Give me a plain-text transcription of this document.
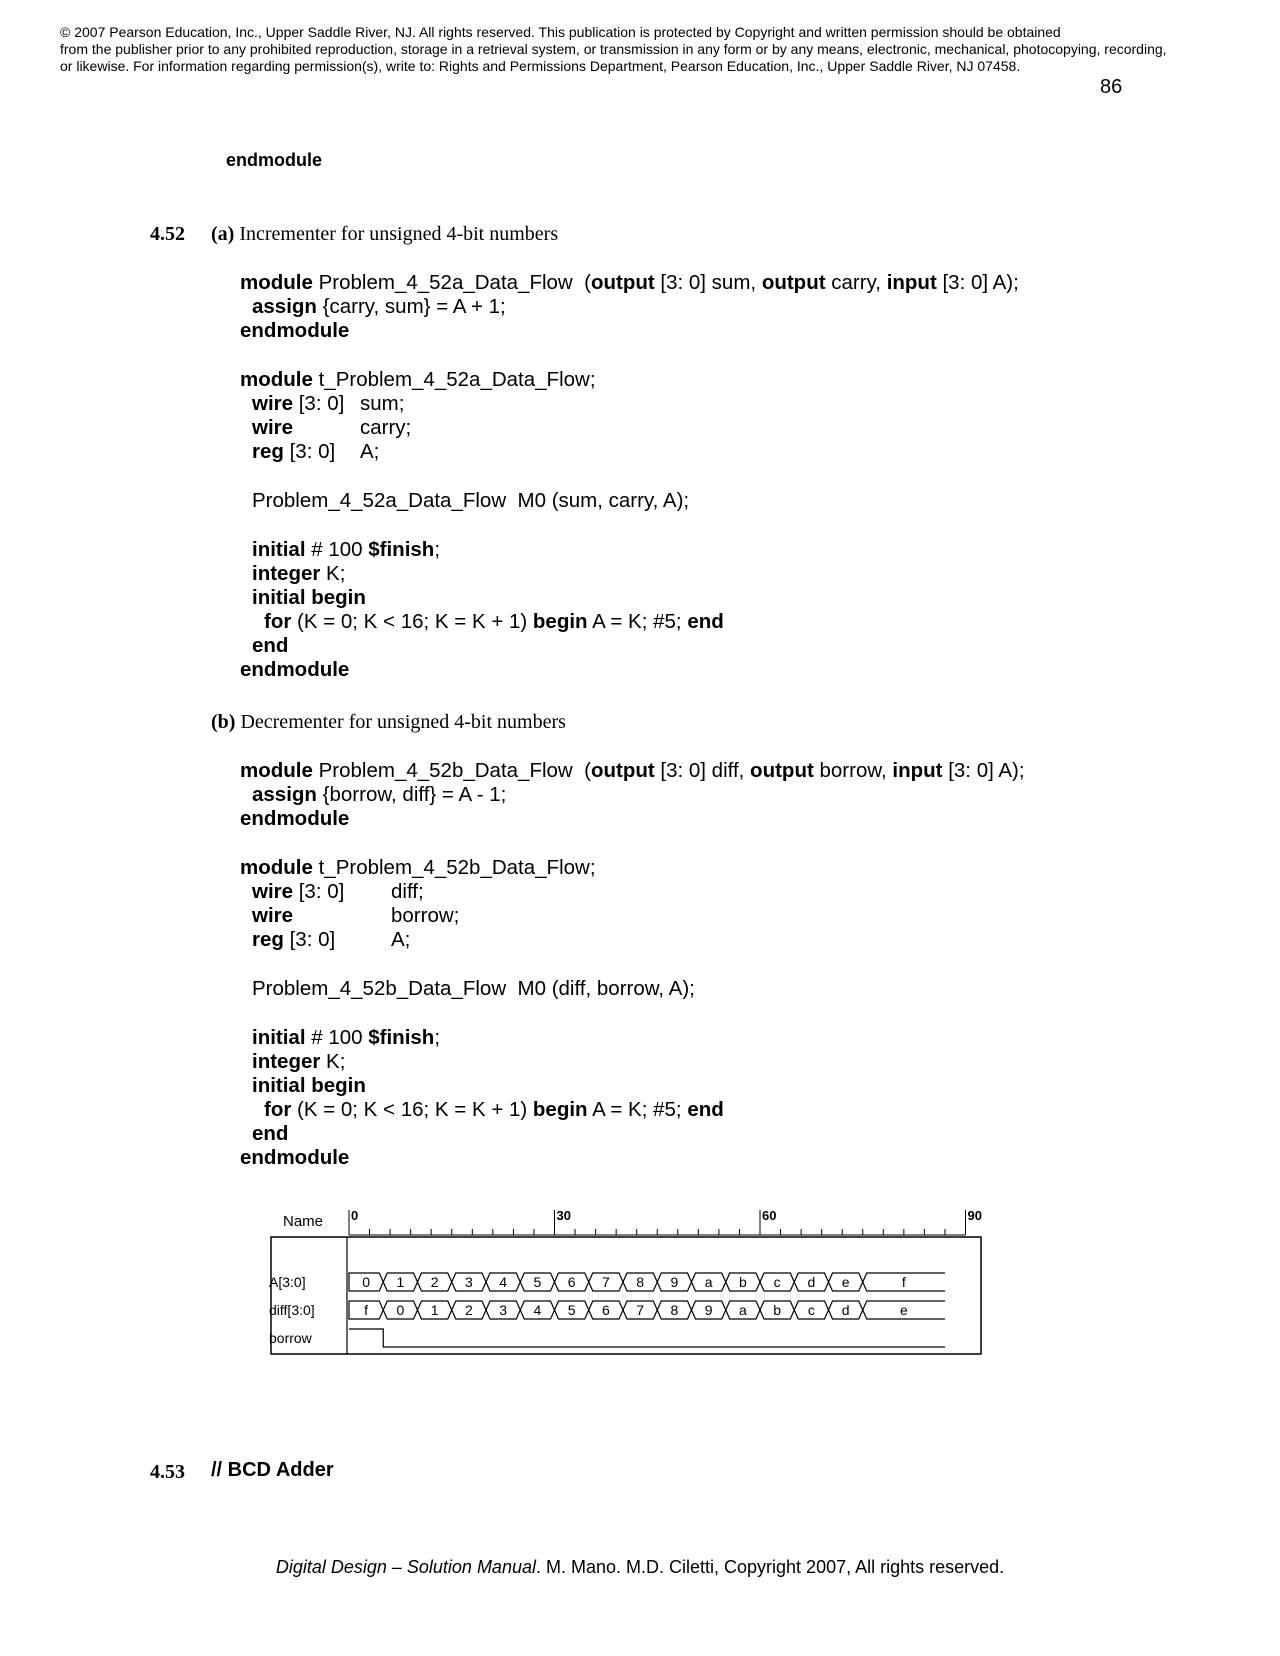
© 2007 Pearson Education, Inc., Upper Saddle River, NJ. All rights reserved. This publication is protected by Copyright and written permission should be obtained
from the publisher prior to any prohibited reproduction, storage in a retrieval system, or transmission in any form or by any means, electronic, mechanical, photocopying, recording,
or likewise. For information regarding permission(s), write to: Rights and Permissions Department, Pearson Education, Inc., Upper Saddle River, NJ 07458.
86
endmodule
4.52 (a) Incrementer for unsigned 4-bit numbers
module Problem_4_52a_Data_Flow  (output [3: 0] sum, output carry, input [3: 0] A);
assign {carry, sum} = A + 1;
endmodule
module t_Problem_4_52a_Data_Flow;
wire [3: 0] sum;
wire	carry;
reg [3: 0] A;
Problem_4_52a_Data_Flow  M0 (sum, carry, A);
initial # 100 $finish;
integer K;
initial begin
for (K = 0; K < 16; K = K + 1) begin A = K; #5; end
end
endmodule
(b) Decrementer for unsigned 4-bit numbers
module Problem_4_52b_Data_Flow  (output [3: 0] diff, output borrow, input [3: 0] A);
assign {borrow, diff} = A - 1;
endmodule
module t_Problem_4_52b_Data_Flow;
wire [3: 0] diff;
wire	borrow;
reg [3: 0]	A;
Problem_4_52b_Data_Flow  M0 (diff, borrow, A);
initial # 100 $finish;
integer K;
initial begin
for (K = 0; K < 16; K = K + 1) begin A = K; #5; end
end
endmodule
Name 0	30	60	90
A[3:0]
diff[3:0]
borrow
0 1 2 3 4 5 6 7 8 9 a b c d e	f
f 0 1 2 3 4 5 6 7 8 9 a b c d	e
4.53 // BCD Adder
Digital Design – Solution Manual. M. Mano. M.D. Ciletti, Copyright 2007, All rights reserved.
